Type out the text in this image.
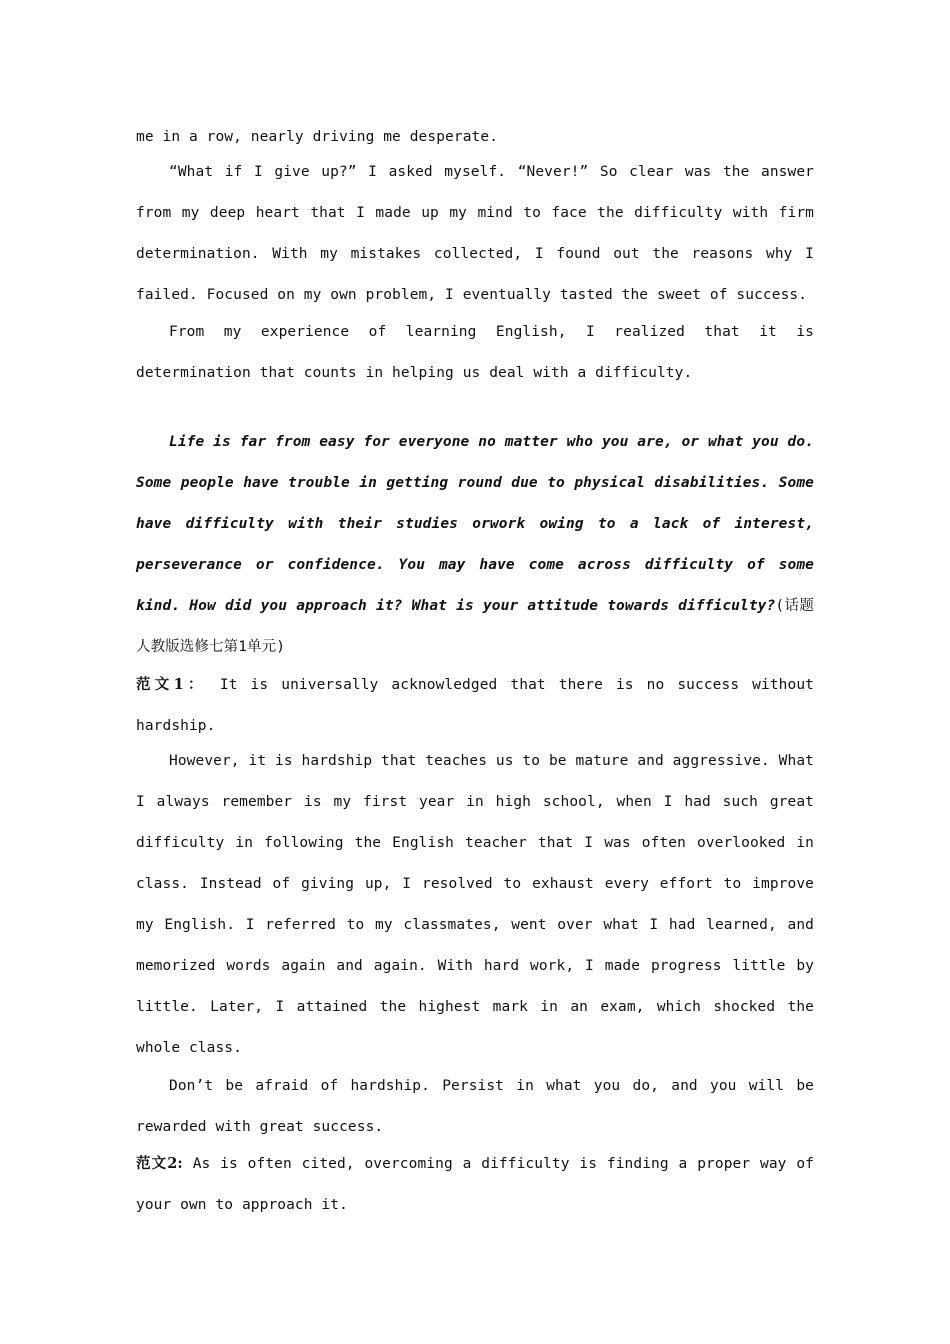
me in a row, nearly driving me desperate.

“What if I give up?” I asked myself. “Never!” So clear was the answer from my deep heart that I made up my mind to face the difficulty with firm determination. With my mistakes collected, I found out the reasons why I failed. Focused on my own problem, I eventually tasted the sweet of success.

From my experience of learning English, I realized that it is determination that counts in helping us deal with a difficulty.

Life is far from easy for everyone no matter who you are, or what you do. Some people have trouble in getting round due to physical disabilities. Some have difficulty with their studies orwork owing to a lack of interest, perseverance or confidence. You may have come across difficulty of some kind. How did you approach it? What is your attitude towards difficulty?(话题人教版选修七第1单元)

范文1： It is universally acknowledged that there is no success without hardship.

However, it is hardship that teaches us to be mature and aggressive. What I always remember is my first year in high school, when I had such great difficulty in following the English teacher that I was often overlooked in class. Instead of giving up, I resolved to exhaust every effort to improve my English. I referred to my classmates, went over what I had learned, and memorized words again and again. With hard work, I made progress little by little. Later, I attained the highest mark in an exam, which shocked the whole class.

Don’t be afraid of hardship. Persist in what you do, and you will be rewarded with great success.

范文2: As is often cited, overcoming a difficulty is finding a proper way of your own to approach it.
